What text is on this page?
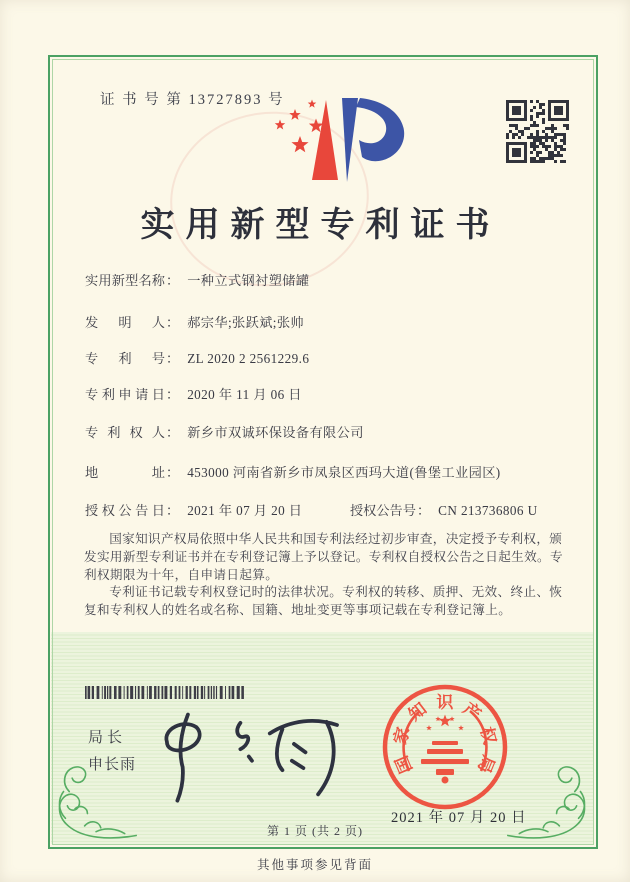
证 书 号 第 13727893 号
实用新型专利证书
实用新型名称： 一种立式钢衬塑储罐
发　明　人： 郝宗华;张跃斌;张帅
专　利　号： ZL 2020 2 2561229.6
专利申请日： 2020 年 11 月 06 日
专 利 权 人： 新乡市双诚环保设备有限公司
地　　　址： 453000 河南省新乡市凤泉区西玛大道(鲁堡工业园区)
授权公告日： 2021 年 07 月 20 日	授权公告号： CN 213736806 U

国家知识产权局依照中华人民共和国专利法经过初步审查，决定授予专利权，颁发实用新型专利证书并在专利登记簿上予以登记。专利权自授权公告之日起生效。专利权期限为十年，自申请日起算。

专利证书记载专利权登记时的法律状况。专利权的转移、质押、无效、终止、恢复和专利权人的姓名或名称、国籍、地址变更等事项记载在专利登记簿上。

局长
申长雨	国
家
知 识 产
权
局
2021 年 07 月 20 日
第 1 页 (共 2 页)
其他事项参见背面
